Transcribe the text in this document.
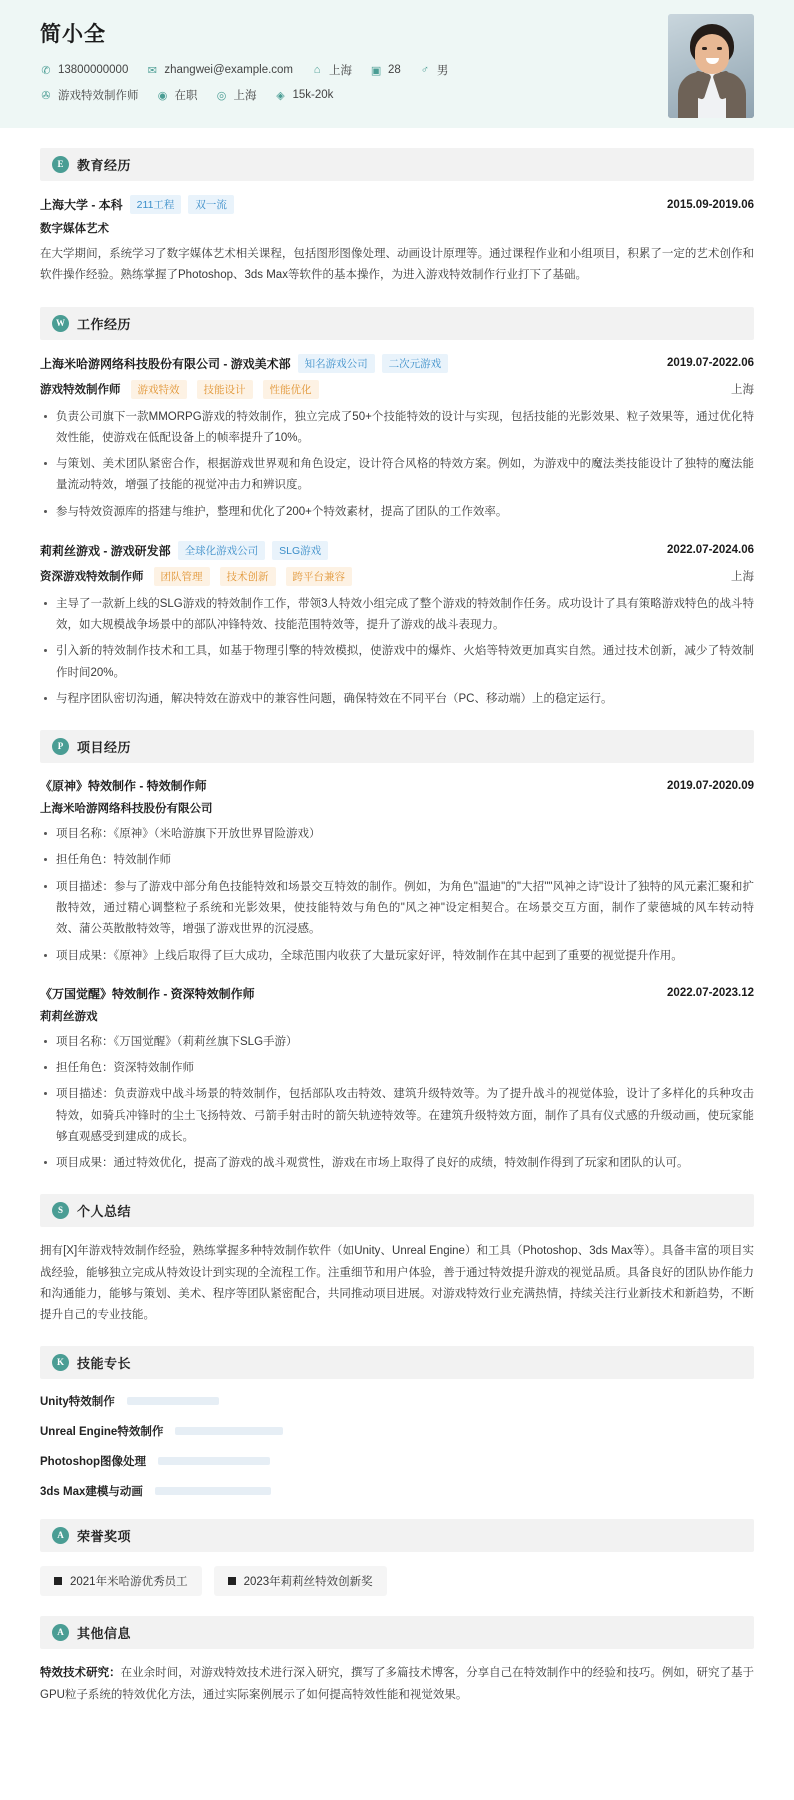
简小全
✆ 13800000000 ✉ zhangwei@example.com ⌂ 上海 ▣ 28 ♂ 男
✇ 游戏特效制作师 ◉ 在职 ◎ 上海 ◈ 15k-20k
E	教育经历
上海大学 - 本科	211工程	双一流	2015.09-2019.06
数字媒体艺术
在大学期间，系统学习了数字媒体艺术相关课程，包括图形图像处理、动画设计原理等。通过课程作业和小组项目，积累了一定的艺术创作和软件操作经验。熟练掌握了Photoshop、3ds Max等软件的基本操作，为进入游戏特效制作行业打下了基础。
W 工作经历
上海米哈游网络科技股份有限公司 - 游戏美术部	知名游戏公司	二次元游戏	2019.07-2022.06
游戏特效制作师	游戏特效	技能设计	性能优化	上海
负责公司旗下一款MMORPG游戏的特效制作，独立完成了50+个技能特效的设计与实现，包括技能的光影效果、粒子效果等，通过优化特效性能，使游戏在低配设备上的帧率提升了10%。
与策划、美术团队紧密合作，根据游戏世界观和角色设定，设计符合风格的特效方案。例如，为游戏中的魔法类技能设计了独特的魔法能量流动特效，增强了技能的视觉冲击力和辨识度。
参与特效资源库的搭建与维护，整理和优化了200+个特效素材，提高了团队的工作效率。
莉莉丝游戏 - 游戏研发部	全球化游戏公司	SLG游戏	2022.07-2024.06
资深游戏特效制作师	团队管理	技术创新	跨平台兼容	上海
主导了一款新上线的SLG游戏的特效制作工作，带领3人特效小组完成了整个游戏的特效制作任务。成功设计了具有策略游戏特色的战斗特效，如大规模战争场景中的部队冲锋特效、技能范围特效等，提升了游戏的战斗表现力。
引入新的特效制作技术和工具，如基于物理引擎的特效模拟，使游戏中的爆炸、火焰等特效更加真实自然。通过技术创新，减少了特效制作时间20%。
与程序团队密切沟通，解决特效在游戏中的兼容性问题，确保特效在不同平台（PC、移动端）上的稳定运行。
P	项目经历
《原神》特效制作 - 特效制作师	2019.07-2020.09
上海米哈游网络科技股份有限公司
项目名称：《原神》（米哈游旗下开放世界冒险游戏）
担任角色：特效制作师
项目描述：参与了游戏中部分角色技能特效和场景交互特效的制作。例如，为角色"温迪"的"大招""风神之诗"设计了独特的风元素汇聚和扩散特效，通过精心调整粒子系统和光影效果，使技能特效与角色的"风之神"设定相契合。在场景交互方面，制作了蒙德城的风车转动特效、蒲公英散散特效等，增强了游戏世界的沉浸感。
项目成果：《原神》上线后取得了巨大成功，全球范围内收获了大量玩家好评，特效制作在其中起到了重要的视觉提升作用。
《万国觉醒》特效制作 - 资深特效制作师	2022.07-2023.12
莉莉丝游戏
项目名称：《万国觉醒》（莉莉丝旗下SLG手游）
担任角色：资深特效制作师
项目描述：负责游戏中战斗场景的特效制作，包括部队攻击特效、建筑升级特效等。为了提升战斗的视觉体验，设计了多样化的兵种攻击特效，如骑兵冲锋时的尘土飞扬特效、弓箭手射击时的箭矢轨迹特效等。在建筑升级特效方面，制作了具有仪式感的升级动画，使玩家能够直观感受到建成的成长。
项目成果：通过特效优化，提高了游戏的战斗观赏性，游戏在市场上取得了良好的成绩，特效制作得到了玩家和团队的认可。
S	个人总结
拥有[X]年游戏特效制作经验，熟练掌握多种特效制作软件（如Unity、Unreal Engine）和工具（Photoshop、3ds Max等）。具备丰富的项目实战经验，能够独立完成从特效设计到实现的全流程工作。注重细节和用户体验，善于通过特效提升游戏的视觉品质。具备良好的团队协作能力和沟通能力，能够与策划、美术、程序等团队紧密配合，共同推动项目进展。对游戏特效行业充满热情，持续关注行业新技术和新趋势，不断提升自己的专业技能。
K	技能专长
Unity特效制作
Unreal Engine特效制作
Photoshop图像处理
3ds Max建模与动画
A	荣誉奖项
2021年米哈游优秀员工	2023年莉莉丝特效创新奖
A	其他信息
特效技术研究：在业余时间，对游戏特效技术进行深入研究，撰写了多篇技术博客，分享自己在特效制作中的经验和技巧。例如，研究了基于GPU粒子系统的特效优化方法，通过实际案例展示了如何提高特效性能和视觉效果。
